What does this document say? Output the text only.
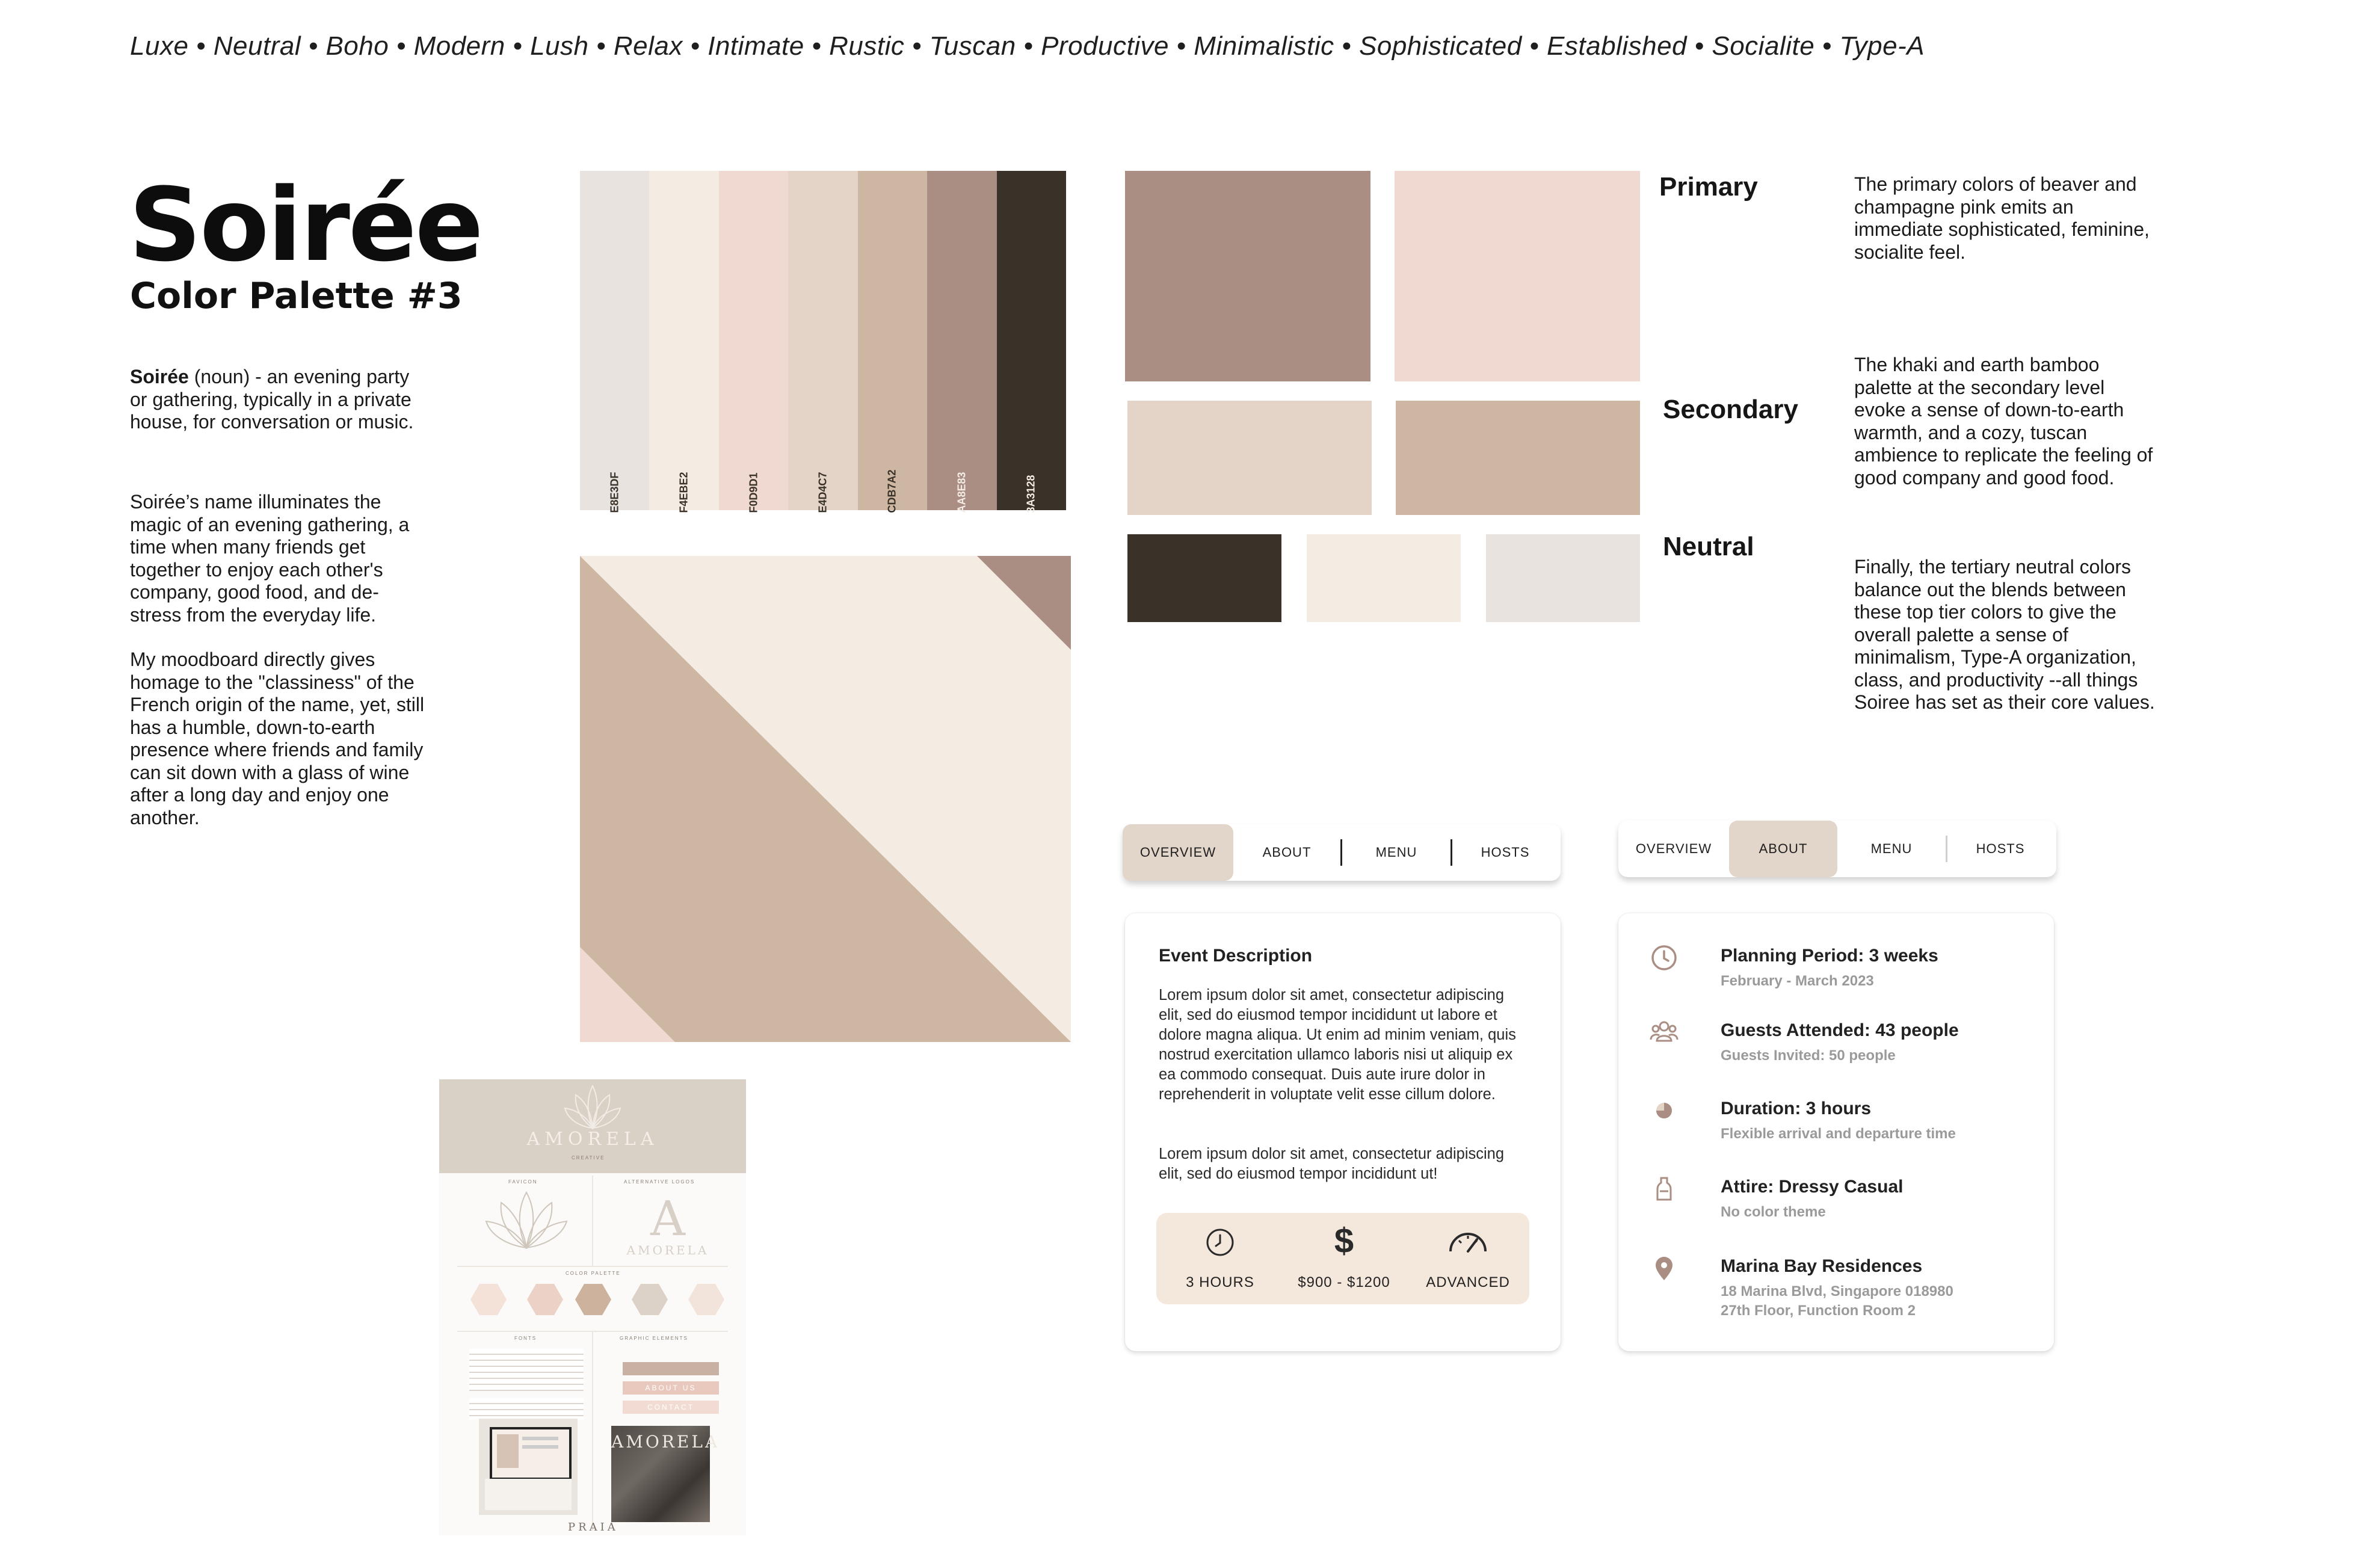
Luxe • Neutral • Boho • Modern • Lush • Relax • Intimate • Rustic • Tuscan • Productive • Minimalistic • Sophisticated • Established • Socialite • Type-A
Soirée
Color Palette #3
Soirée (noun) - an evening party or gathering, typically in a private house, for conversation or music.
Soirée’s name illuminates the magic of an evening gathering, a time when many friends get together to enjoy each other's company, good food, and de-stress from the everyday life.
My moodboard directly gives homage to the "classiness" of the French origin of the name, yet, still has a humble, down-to-earth presence where friends and family can sit down with a glass of wine after a long day and enjoy one another.
E8E3DF	F4EBE2	F0D9D1	E4D4C7	CDB7A2	AA8E83	3A3128
AMORELA
CREATIVE
FAVICON	ALTERNATIVE LOGOS
A
AMORELA
COLOR PALETTE
FONTS	GRAPHIC ELEMENTS
ABOUT US
CONTACT
AMORELA
PRAIA
Primary	The primary colors of beaver and champagne pink emits an immediate sophisticated, feminine, socialite feel.
Secondary
The khaki and earth bamboo palette at the secondary level evoke a sense of down-to-earth warmth, and a cozy, tuscan ambience to replicate the feeling of good company and good food.
Neutral
Finally, the tertiary neutral colors balance out the blends between these top tier colors to give the overall palette a sense of minimalism, Type-A organization, class, and productivity --all things Soiree has set as their core values.
OVERVIEW	ABOUT	MENU	HOSTS	OVERVIEW	ABOUT	MENU	HOSTS
Event Description
Lorem ipsum dolor sit amet, consectetur adipiscing elit, sed do eiusmod tempor incididunt ut labore et dolore magna aliqua. Ut enim ad minim veniam, quis nostrud exercitation ullamco laboris nisi ut aliquip ex ea commodo consequat. Duis aute irure dolor in reprehenderit in voluptate velit esse cillum dolore.
Lorem ipsum dolor sit amet, consectetur adipiscing elit, sed do eiusmod tempor incididunt ut!
3 HOURS
$
$900 - $1200	ADVANCED
Planning Period: 3 weeks
February - March 2023
Guests Attended: 43 people
Guests Invited: 50 people
Duration: 3 hours
Flexible arrival and departure time
Attire: Dressy Casual
No color theme
Marina Bay Residences
18 Marina Blvd, Singapore 018980
27th Floor, Function Room 2
